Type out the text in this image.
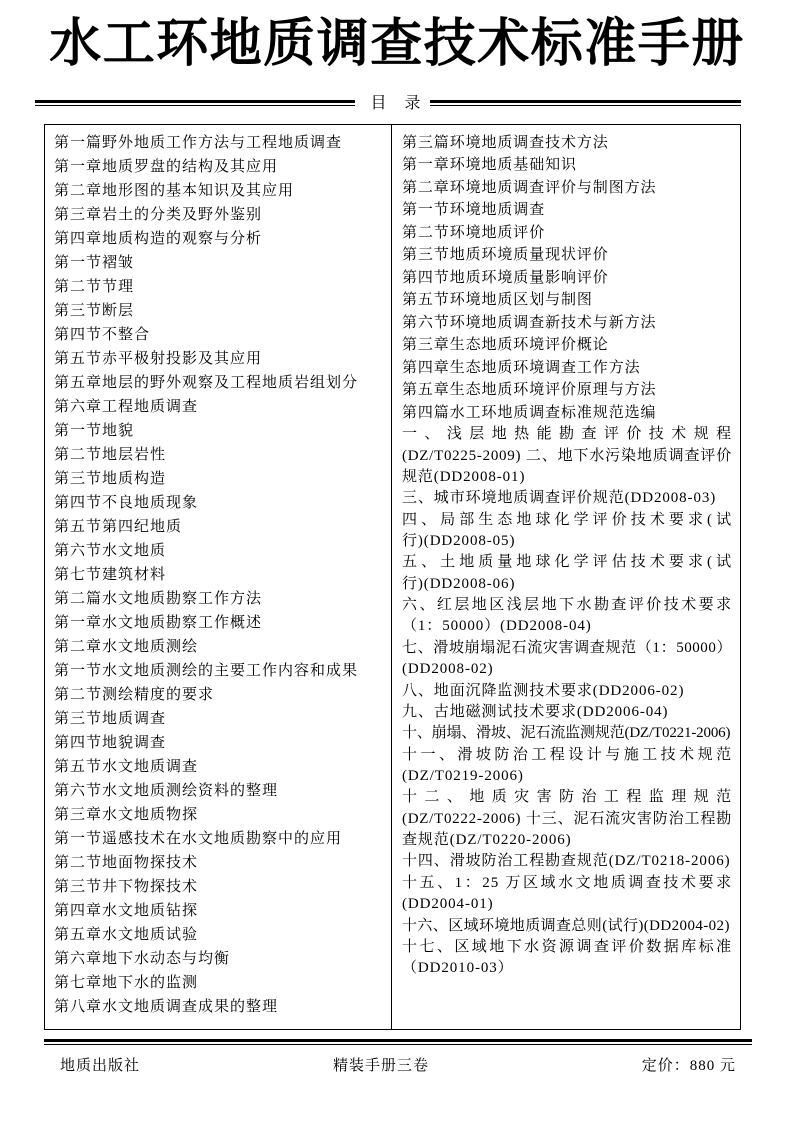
水工环地质调查技术标准手册
目 录
第一篇野外地质工作方法与工程地质调查
第一章地质罗盘的结构及其应用
第二章地形图的基本知识及其应用
第三章岩土的分类及野外鉴别
第四章地质构造的观察与分析
第一节褶皱
第二节节理
第三节断层
第四节不整合
第五节赤平极射投影及其应用
第五章地层的野外观察及工程地质岩组划分
第六章工程地质调查
第一节地貌
第二节地层岩性
第三节地质构造
第四节不良地质现象
第五节第四纪地质
第六节水文地质
第七节建筑材料
第二篇水文地质勘察工作方法
第一章水文地质勘察工作概述
第二章水文地质测绘
第一节水文地质测绘的主要工作内容和成果
第二节测绘精度的要求
第三节地质调查
第四节地貌调查
第五节水文地质调查
第六节水文地质测绘资料的整理
第三章水文地质物探
第一节遥感技术在水文地质勘察中的应用
第二节地面物探技术
第三节井下物探技术
第四章水文地质钻探
第五章水文地质试验
第六章地下水动态与均衡
第七章地下水的监测
第八章水文地质调查成果的整理
第三篇环境地质调查技术方法
第一章环境地质基础知识
第二章环境地质调查评价与制图方法
第一节环境地质调查
第二节环境地质评价
第三节地质环境质量现状评价
第四节地质环境质量影响评价
第五节环境地质区划与制图
第六节环境地质调查新技术与新方法
第三章生态地质环境评价概论
第四章生态地质环境调查工作方法
第五章生态地质环境评价原理与方法
第四篇水工环地质调查标准规范选编
一、浅层地热能勘查评价技术规程
(DZ/T0225-2009) 二、地下水污染地质调查评价
规范(DD2008-01)
三、城市环境地质调查评价规范(DD2008-03)
四、局部生态地球化学评价技术要求(试
行)(DD2008-05)
五、土地质量地球化学评估技术要求(试
行)(DD2008-06)
六、红层地区浅层地下水勘查评价技术要求
（1：50000）(DD2008-04)
七、滑坡崩塌泥石流灾害调查规范（1：50000）
(DD2008-02)
八、地面沉降监测技术要求(DD2006-02)
九、古地磁测试技术要求(DD2006-04)
十、崩塌、滑坡、泥石流监测规范(DZ/T0221-2006)
十一、滑坡防治工程设计与施工技术规范
(DZ/T0219-2006)
十二、地质灾害防治工程监理规范
(DZ/T0222-2006) 十三、泥石流灾害防治工程勘
查规范(DZ/T0220-2006)
十四、滑坡防治工程勘查规范(DZ/T0218-2006)
十五、1：25 万区域水文地质调查技术要求
(DD2004-01)
十六、区域环境地质调查总则(试行)(DD2004-02)
十七、区域地下水资源调查评价数据库标准
（DD2010-03）
地质出版社	精装手册三卷	定价：880 元
